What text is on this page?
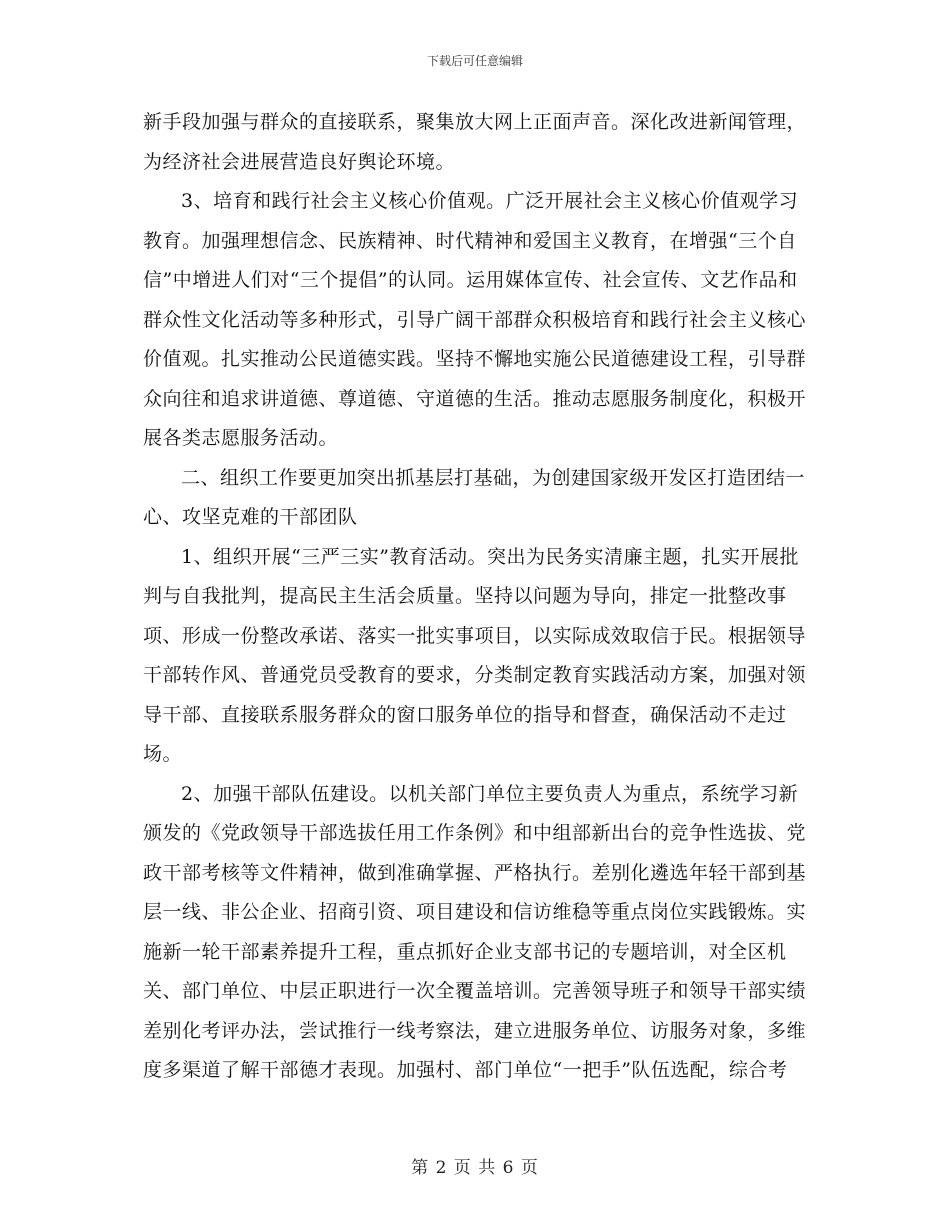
下载后可任意编辑

新手段加强与群众的直接联系，聚集放大网上正面声音。深化改进新闻管理，为经济社会进展营造良好舆论环境。

3、培育和践行社会主义核心价值观。广泛开展社会主义核心价值观学习教育。加强理想信念、民族精神、时代精神和爱国主义教育，在增强“三个自信”中增进人们对“三个提倡”的认同。运用媒体宣传、社会宣传、文艺作品和群众性文化活动等多种形式，引导广阔干部群众积极培育和践行社会主义核心价值观。扎实推动公民道德实践。坚持不懈地实施公民道德建设工程，引导群众向往和追求讲道德、尊道德、守道德的生活。推动志愿服务制度化，积极开展各类志愿服务活动。

二、组织工作要更加突出抓基层打基础，为创建国家级开发区打造团结一心、攻坚克难的干部团队

1、组织开展“三严三实”教育活动。突出为民务实清廉主题，扎实开展批判与自我批判，提高民主生活会质量。坚持以问题为导向，排定一批整改事项、形成一份整改承诺、落实一批实事项目，以实际成效取信于民。根据领导干部转作风、普通党员受教育的要求，分类制定教育实践活动方案，加强对领导干部、直接联系服务群众的窗口服务单位的指导和督查，确保活动不走过场。

2、加强干部队伍建设。以机关部门单位主要负责人为重点，系统学习新颁发的《党政领导干部选拔任用工作条例》和中组部新出台的竞争性选拔、党政干部考核等文件精神，做到准确掌握、严格执行。差别化遴选年轻干部到基层一线、非公企业、招商引资、项目建设和信访维稳等重点岗位实践锻炼。实施新一轮干部素养提升工程，重点抓好企业支部书记的专题培训，对全区机关、部门单位、中层正职进行一次全覆盖培训。完善领导班子和领导干部实绩差别化考评办法，尝试推行一线考察法，建立进服务单位、访服务对象，多维度多渠道了解干部德才表现。加强村、部门单位“一把手”队伍选配，综合考

第 2 页 共 6 页
